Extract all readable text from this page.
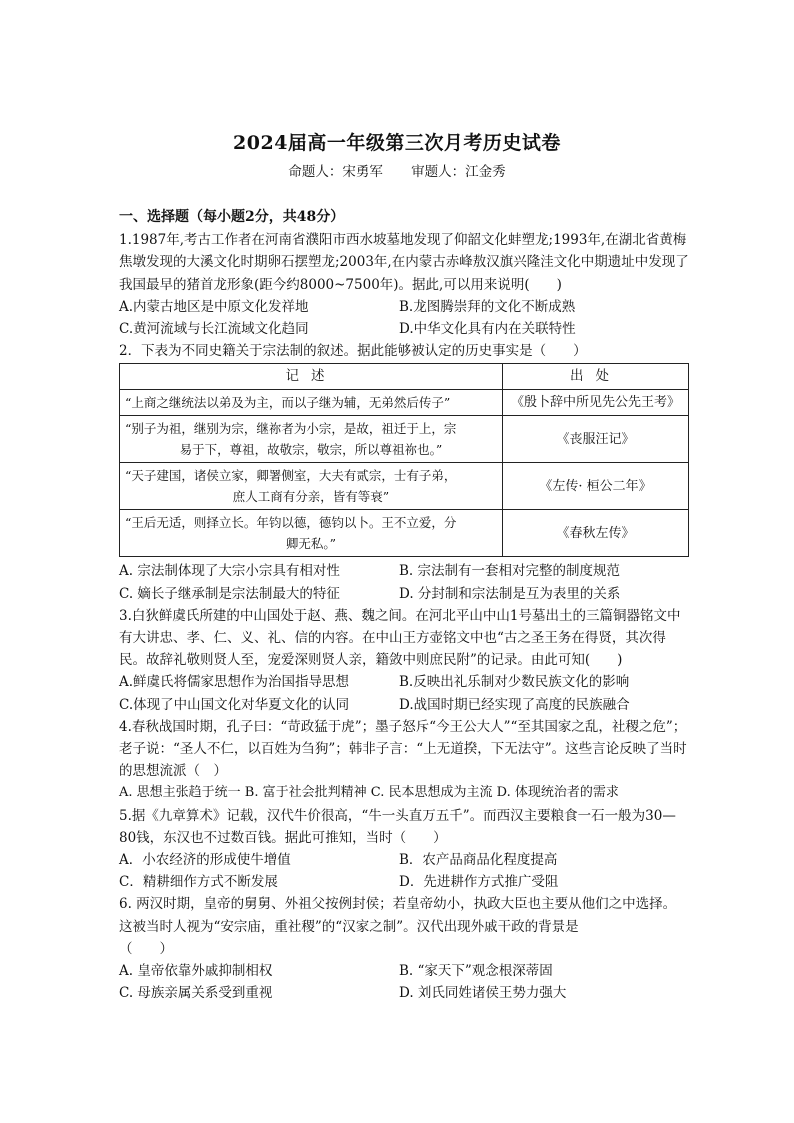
2024届高一年级第三次月考历史试卷
命题人：宋勇军 审题人：江金秀
一、选择题（每小题2分，共48分）

1.1987年,考古工作者在河南省濮阳市西水坡墓地发现了仰韶文化蚌塑龙;1993年,在湖北省黄梅焦墩发现的大溪文化时期卵石摆塑龙;2003年,在内蒙古赤峰敖汉旗兴隆洼文化中期遗址中发现了我国最早的猪首龙形象(距今约8000~7500年)。据此,可以用来说明(　　)

A.内蒙古地区是中原文化发祥地	B.龙图腾崇拜的文化不断成熟
C.黄河流域与长江流域文化趋同	D.中华文化具有内在关联特性

2．下表为不同史籍关于宗法制的叙述。据此能够被认定的历史事实是（　　）

记述	出处

“上商之继统法以弟及为主，而以子继为辅，无弟然后传子”	《殷卜辞中所见先公先王考》

“别子为祖，继别为宗，继祢者为小宗，是故，祖迁于上，宗
易于下，尊祖，故敬宗，敬宗，所以尊祖祢也。”	《丧服汪记》

“天子建国，诸侯立家，卿署侧室，大夫有贰宗，士有子弟，
庶人工商有分亲，皆有等衰”	《左传· 桓公二年》

“王后无适，则择立长。年钧以德，德钧以卜。王不立爱，分
卿无私。”	《春秋左传》
A. 宗法制体现了大宗小宗具有相对性	B. 宗法制有一套相对完整的制度规范
C. 嫡长子继承制是宗法制最大的特征	D. 分封制和宗法制是互为表里的关系

3.白狄鲜虞氏所建的中山国处于赵、燕、魏之间。在河北平山中山1号墓出土的三篇铜器铭文中有大讲忠、孝、仁、义、礼、信的内容。在中山王方壶铭文中也“古之圣王务在得贤，其次得民。故辞礼敬则贤人至，宠爱深则贤人亲，籍敛中则庶民附”的记录。由此可知(　　)

A.鲜虞氏将儒家思想作为治国指导思想	B.反映出礼乐制对少数民族文化的影响
C.体现了中山国文化对华夏文化的认同	D.战国时期已经实现了高度的民族融合

4.春秋战国时期，孔子曰：“苛政猛于虎”；墨子怒斥“今王公大人”“至其国家之乱，社稷之危”；老子说：“圣人不仁，以百姓为刍狗”；韩非子言：“上无道揆，下无法守”。这些言论反映了当时的思想流派（　）

A. 思想主张趋于统一 B. 富于社会批判精神 C. 民本思想成为主流 D. 体现统治者的需求

5.据《九章算术》记载，汉代牛价很高，“牛一头直万五千”。而西汉主要粮食一石一般为30—80钱，东汉也不过数百钱。据此可推知，当时（　　）

A．小农经济的形成使牛增值	B．农产品商品化程度提高
C．精耕细作方式不断发展	D．先进耕作方式推广受阻

6. 两汉时期，皇帝的舅舅、外祖父按例封侯；若皇帝幼小，执政大臣也主要从他们之中选择。这被当时人视为“安宗庙，重社稷”的“汉家之制”。汉代出现外戚干政的背景是

（　　）

A. 皇帝依靠外戚抑制相权	B. “家天下”观念根深蒂固
C. 母族亲属关系受到重视	D. 刘氏同姓诸侯王势力强大
